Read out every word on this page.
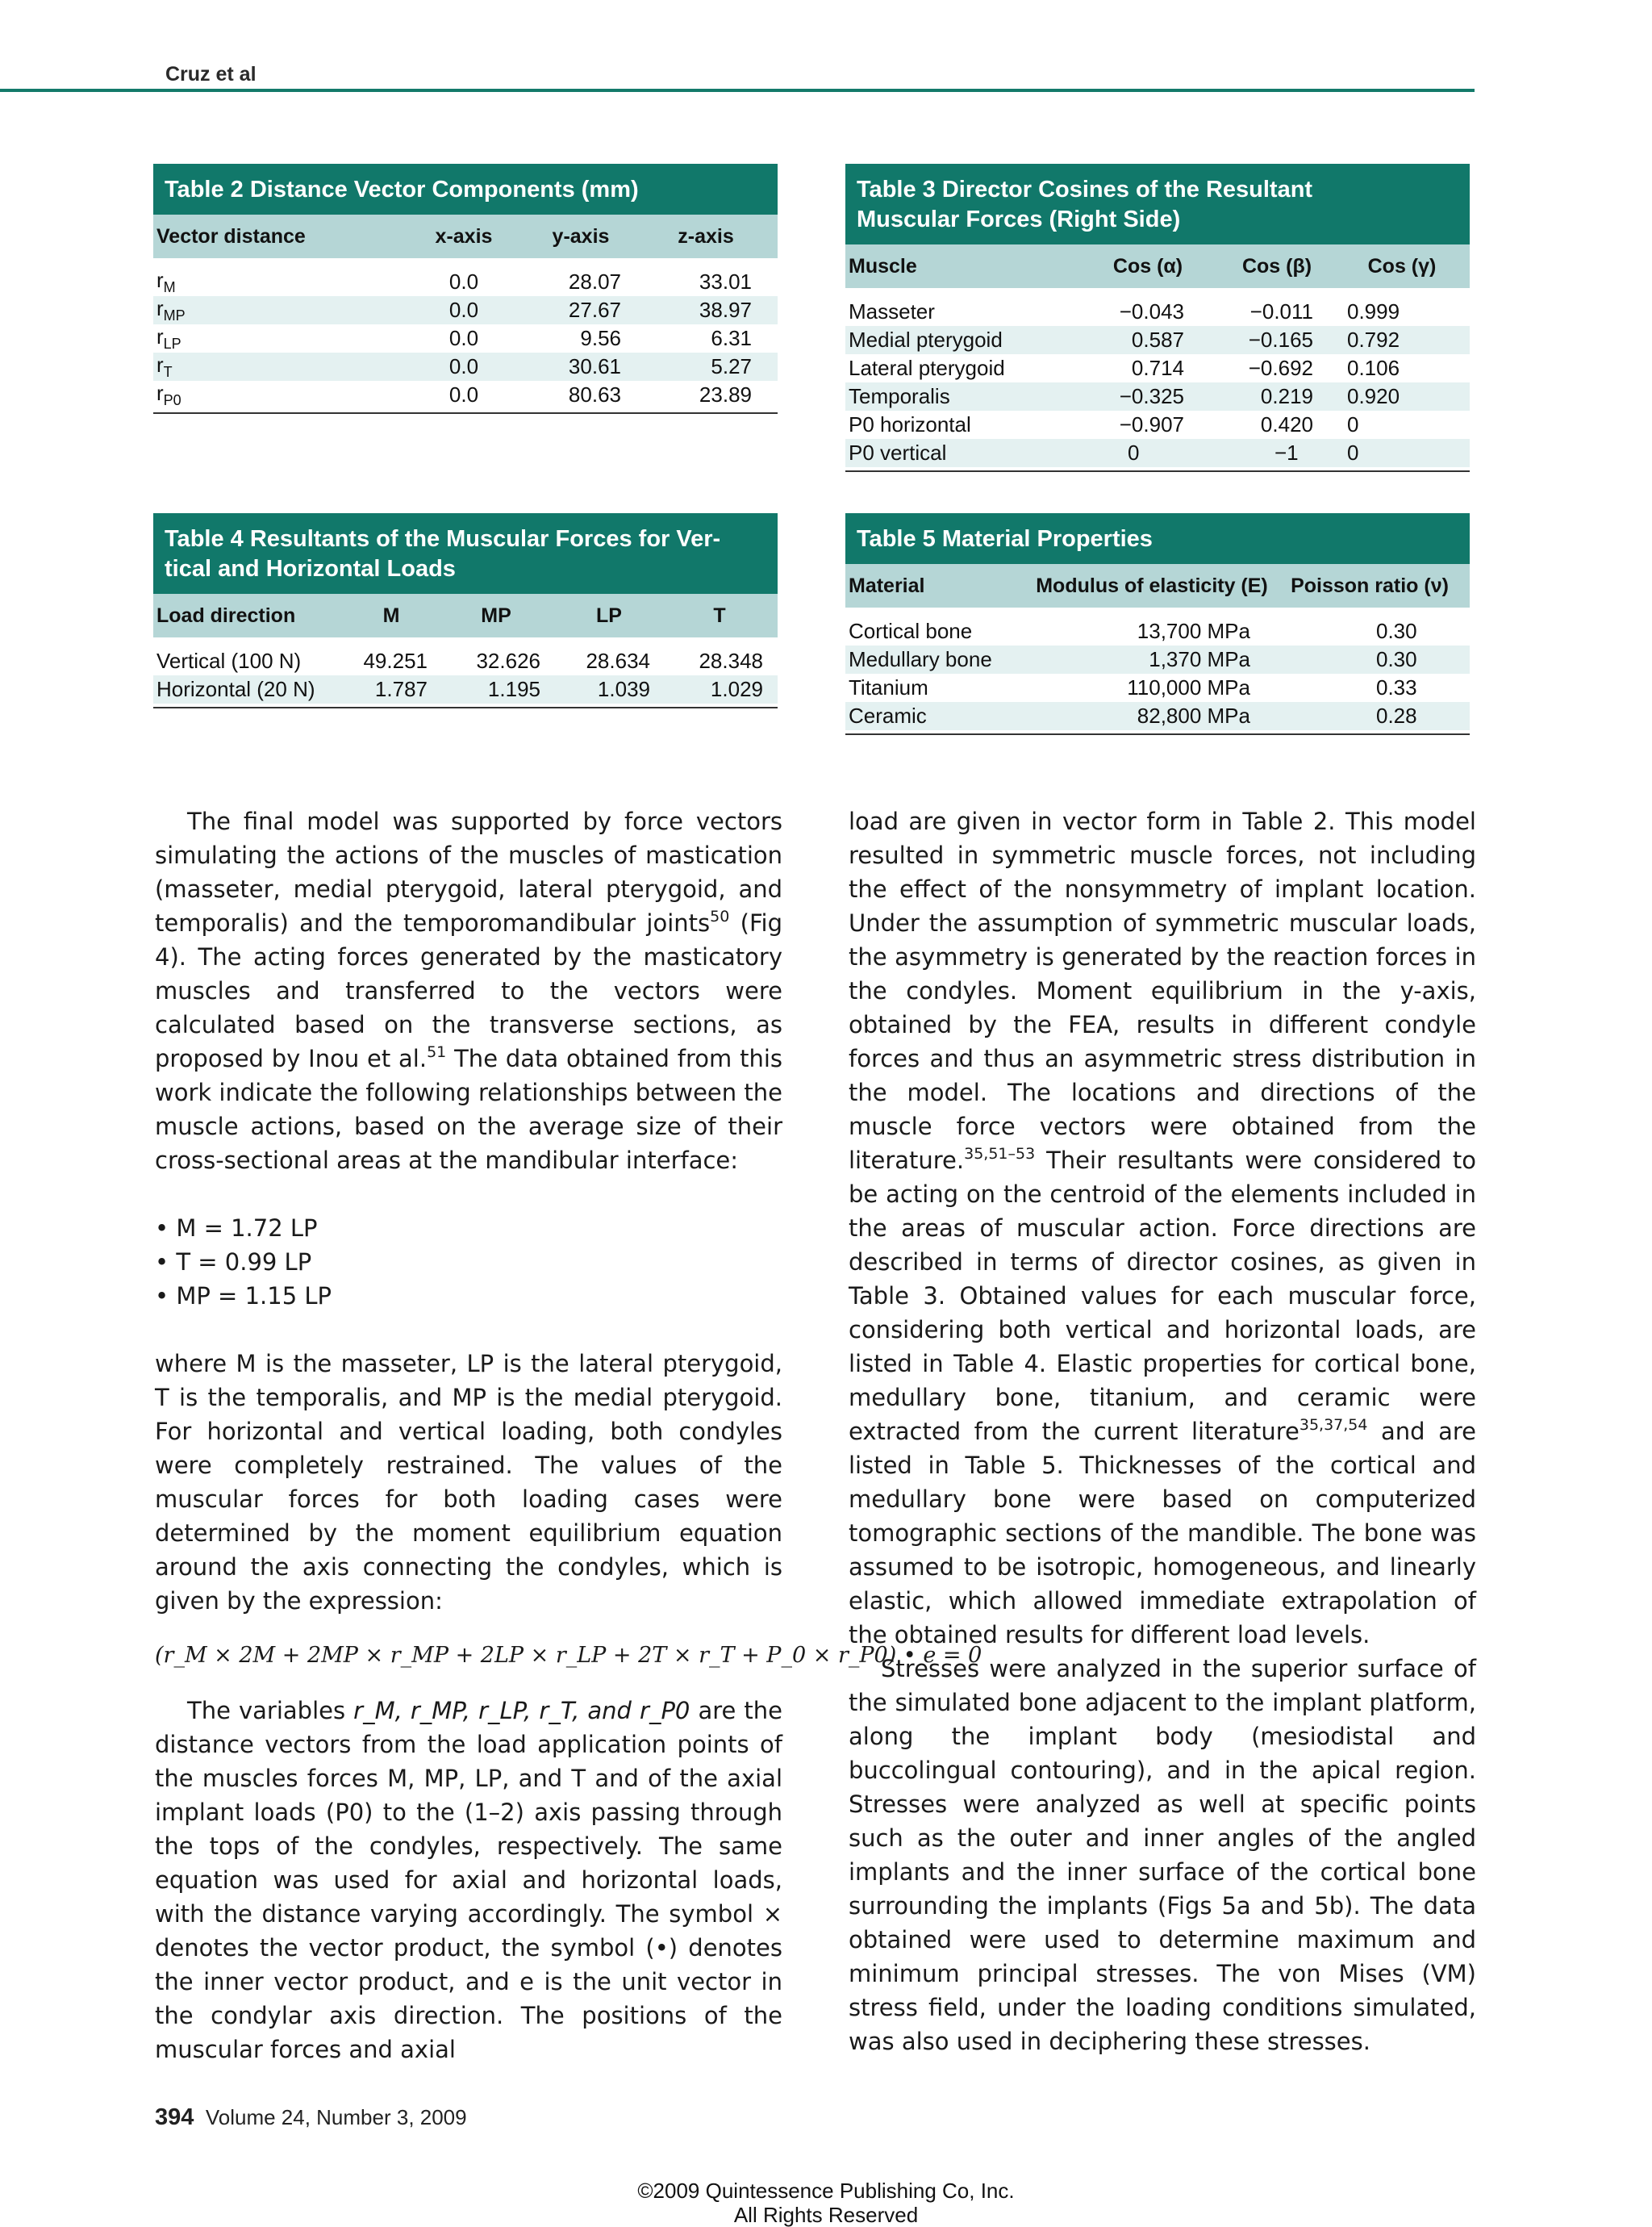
Cruz et al
Table 2 Distance Vector Components (mm)
Vector distance	x-axis	y-axis	z-axis
$r_M$	0.0	28.07	33.01
$r_{MP}$	0.0	27.67	38.97
$r_{LP}$	0.0	9.56	6.31
$r_T$	0.0	30.61	5.27
$r_{P0}$	0.0	80.63	23.89
Table 3 Director Cosines of the Resultant
Muscular Forces (Right Side)
Muscle	Cos (α)	Cos (β)	Cos (γ)
Masseter	−0.043	−0.011	0.999
Medial pterygoid	0.587	−0.165	0.792
Lateral pterygoid	0.714	−0.692	0.106
Temporalis	−0.325	0.219	0.920
P0 horizontal	−0.907	0.420	0
P0 vertical	0	−1	0
Table 4 Resultants of the Muscular Forces for Ver-
tical and Horizontal Loads
Load direction	M	MP	LP	T
Vertical (100 N)	49.251	32.626	28.634	28.348
Horizontal (20 N)	1.787	1.195	1.039	1.029
Table 5 Material Properties
Material	Modulus of elasticity (E)	Poisson ratio (ν)
Cortical bone	13,700 MPa	0.30
Medullary bone	1,370 MPa	0.30
Titanium	110,000 MPa	0.33
Ceramic	82,800 MPa	0.28

The final model was supported by force vectors simulating the actions of the muscles of mastication (masseter, medial pterygoid, lateral pterygoid, and temporalis) and the temporomandibular joints$^{50}$ (Fig 4). The acting forces generated by the masticatory muscles and transferred to the vectors were calculated based on the transverse sections, as proposed by Inou et al.$^{51}$ The data obtained from this work indicate the following relationships between the muscle actions, based on the average size of their cross-sectional areas at the mandibular interface:

• M = 1.72 LP
• T = 0.99 LP
• MP = 1.15 LP

where M is the masseter, LP is the lateral pterygoid, T is the temporalis, and MP is the medial pterygoid. For horizontal and vertical loading, both condyles were completely restrained. The values of the muscular forces for both loading cases were determined by the moment equilibrium equation around the axis connecting the condyles, which is given by the expression:

(r_M × 2M + 2MP × r_MP + 2LP × r_LP + 2T × r_T + P_0 × r_P0) • e = 0

The variables r_M, r_MP, r_LP, r_T, and r_P0 are the distance vectors from the load application points of the muscles forces M, MP, LP, and T and of the axial implant loads (P0) to the (1–2) axis passing through the tops of the condyles, respectively. The same equation was used for axial and horizontal loads, with the distance varying accordingly. The symbol × denotes the vector product, the symbol (•) denotes the inner vector product, and e is the unit vector in the condylar axis direction. The positions of the muscular forces and axial

load are given in vector form in Table 2. This model resulted in symmetric muscle forces, not including the effect of the nonsymmetry of implant location. Under the assumption of symmetric muscular loads, the asymmetry is generated by the reaction forces in the condyles. Moment equilibrium in the y-axis, obtained by the FEA, results in different condyle forces and thus an asymmetric stress distribution in the model. The locations and directions of the muscle force vectors were obtained from the literature.$^{35,51-53}$ Their resultants were considered to be acting on the centroid of the elements included in the areas of muscular action. Force directions are described in terms of director cosines, as given in Table 3. Obtained values for each muscular force, considering both vertical and horizontal loads, are listed in Table 4. Elastic properties for cortical bone, medullary bone, titanium, and ceramic were extracted from the current literature$^{35,37,54}$ and are listed in Table 5. Thicknesses of the cortical and medullary bone were based on computerized tomographic sections of the mandible. The bone was assumed to be isotropic, homogeneous, and linearly elastic, which allowed immediate extrapolation of the obtained results for different load levels.

Stresses were analyzed in the superior surface of the simulated bone adjacent to the implant platform, along the implant body (mesiodistal and buccolingual contouring), and in the apical region. Stresses were analyzed as well at specific points such as the outer and inner angles of the angled implants and the inner surface of the cortical bone surrounding the implants (Figs 5a and 5b). The data obtained were used to determine maximum and minimum principal stresses. The von Mises (VM) stress field, under the loading conditions simulated, was also used in deciphering these stresses.

394 Volume 24, Number 3, 2009
©2009 Quintessence Publishing Co, Inc.
All Rights Reserved
